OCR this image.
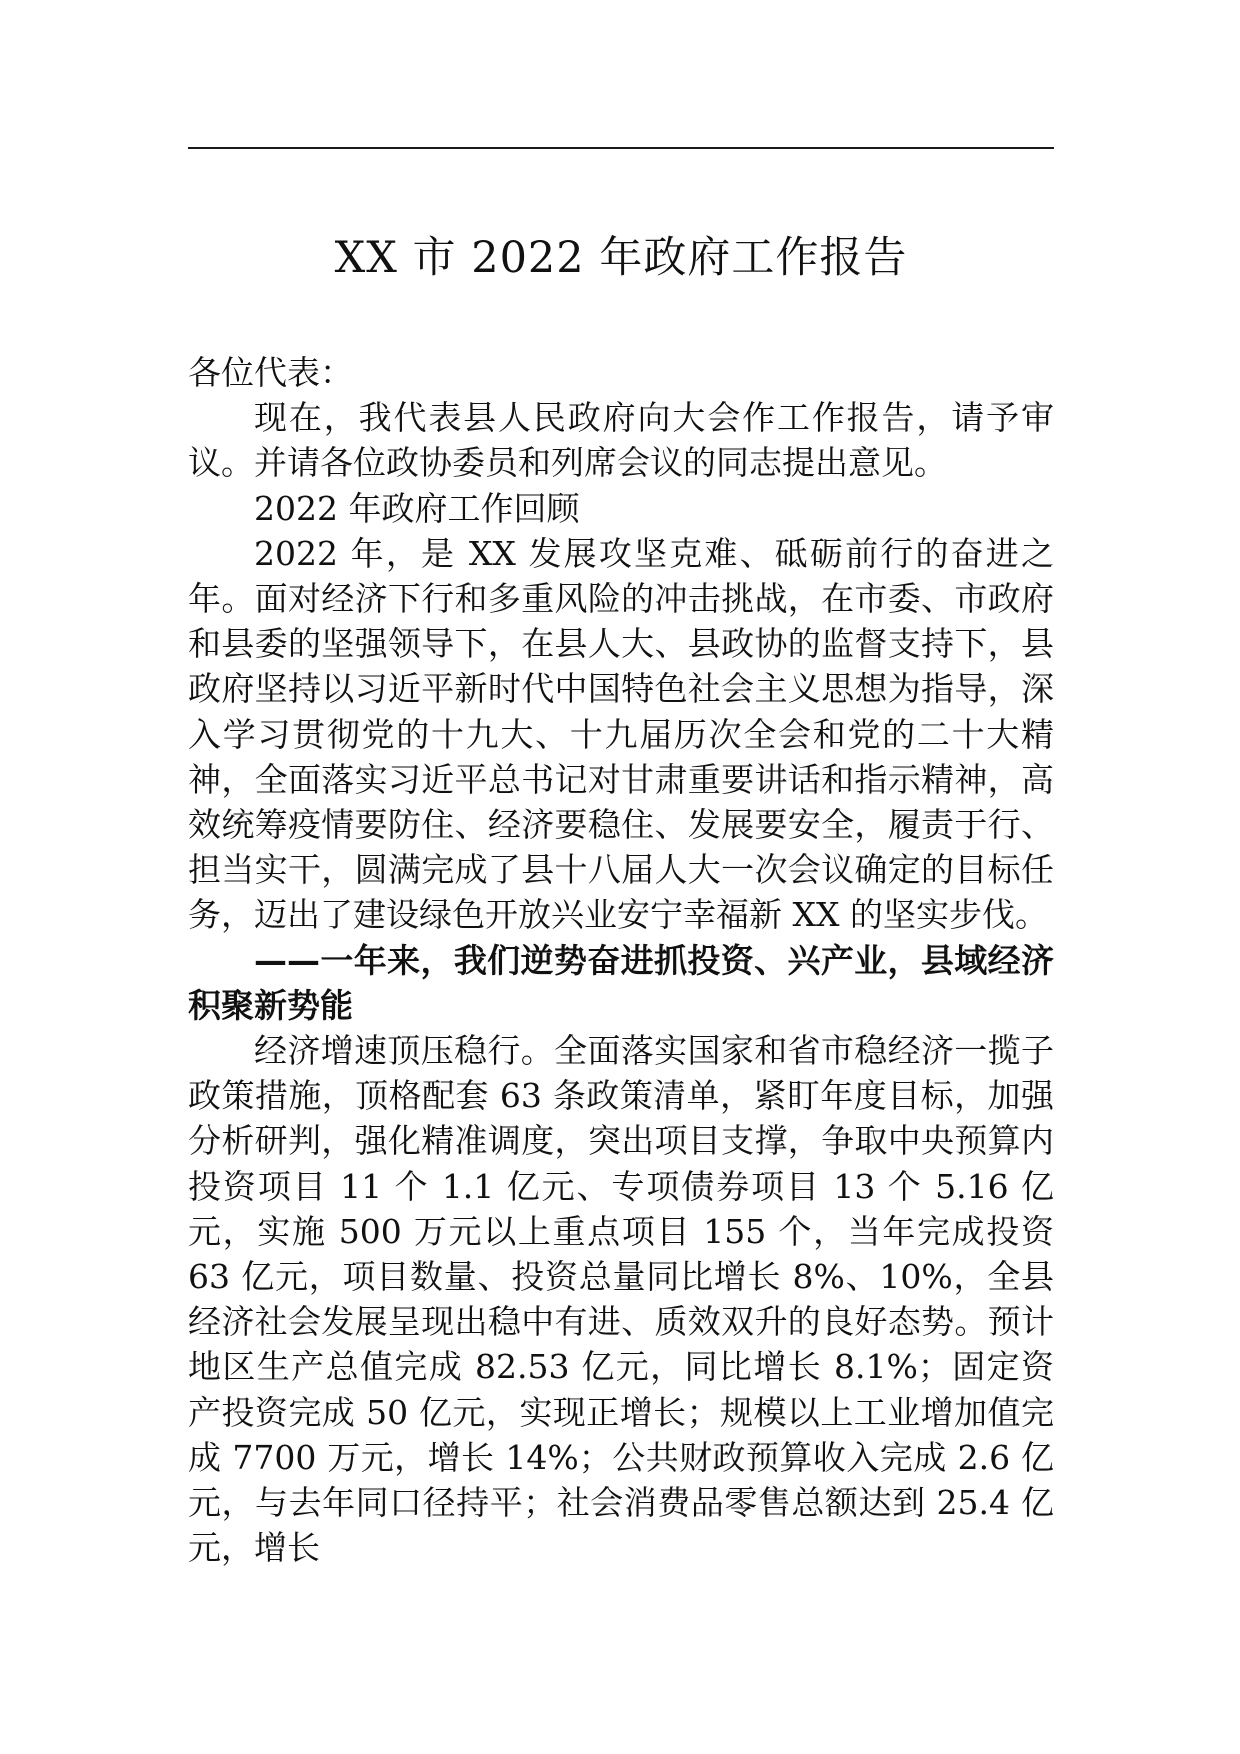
XX 市 2022 年政府工作报告

各位代表：

现在，我代表县人民政府向大会作工作报告，请予审议。并请各位政协委员和列席会议的同志提出意见。

2022 年政府工作回顾

2022 年，是 XX 发展攻坚克难、砥砺前行的奋进之年。面对经济下行和多重风险的冲击挑战，在市委、市政府和县委的坚强领导下，在县人大、县政协的监督支持下，县政府坚持以习近平新时代中国特色社会主义思想为指导，深入学习贯彻党的十九大、十九届历次全会和党的二十大精神，全面落实习近平总书记对甘肃重要讲话和指示精神，高效统筹疫情要防住、经济要稳住、发展要安全，履责于行、担当实干，圆满完成了县十八届人大一次会议确定的目标任务，迈出了建设绿色开放兴业安宁幸福新 XX 的坚实步伐。

——一年来，我们逆势奋进抓投资、兴产业，县域经济积聚新势能

经济增速顶压稳行。全面落实国家和省市稳经济一揽子政策措施，顶格配套 63 条政策清单，紧盯年度目标，加强分析研判，强化精准调度，突出项目支撑，争取中央预算内投资项目 11 个 1.1 亿元、专项债券项目 13 个 5.16 亿元，实施 500 万元以上重点项目 155 个，当年完成投资 63 亿元，项目数量、投资总量同比增长 8%、10%，全县经济社会发展呈现出稳中有进、质效双升的良好态势。预计地区生产总值完成 82.53 亿元，同比增长 8.1%；固定资产投资完成 50 亿元，实现正增长；规模以上工业增加值完成 7700 万元，增长 14%；公共财政预算收入完成 2.6 亿元，与去年同口径持平；社会消费品零售总额达到 25.4 亿元，增长
